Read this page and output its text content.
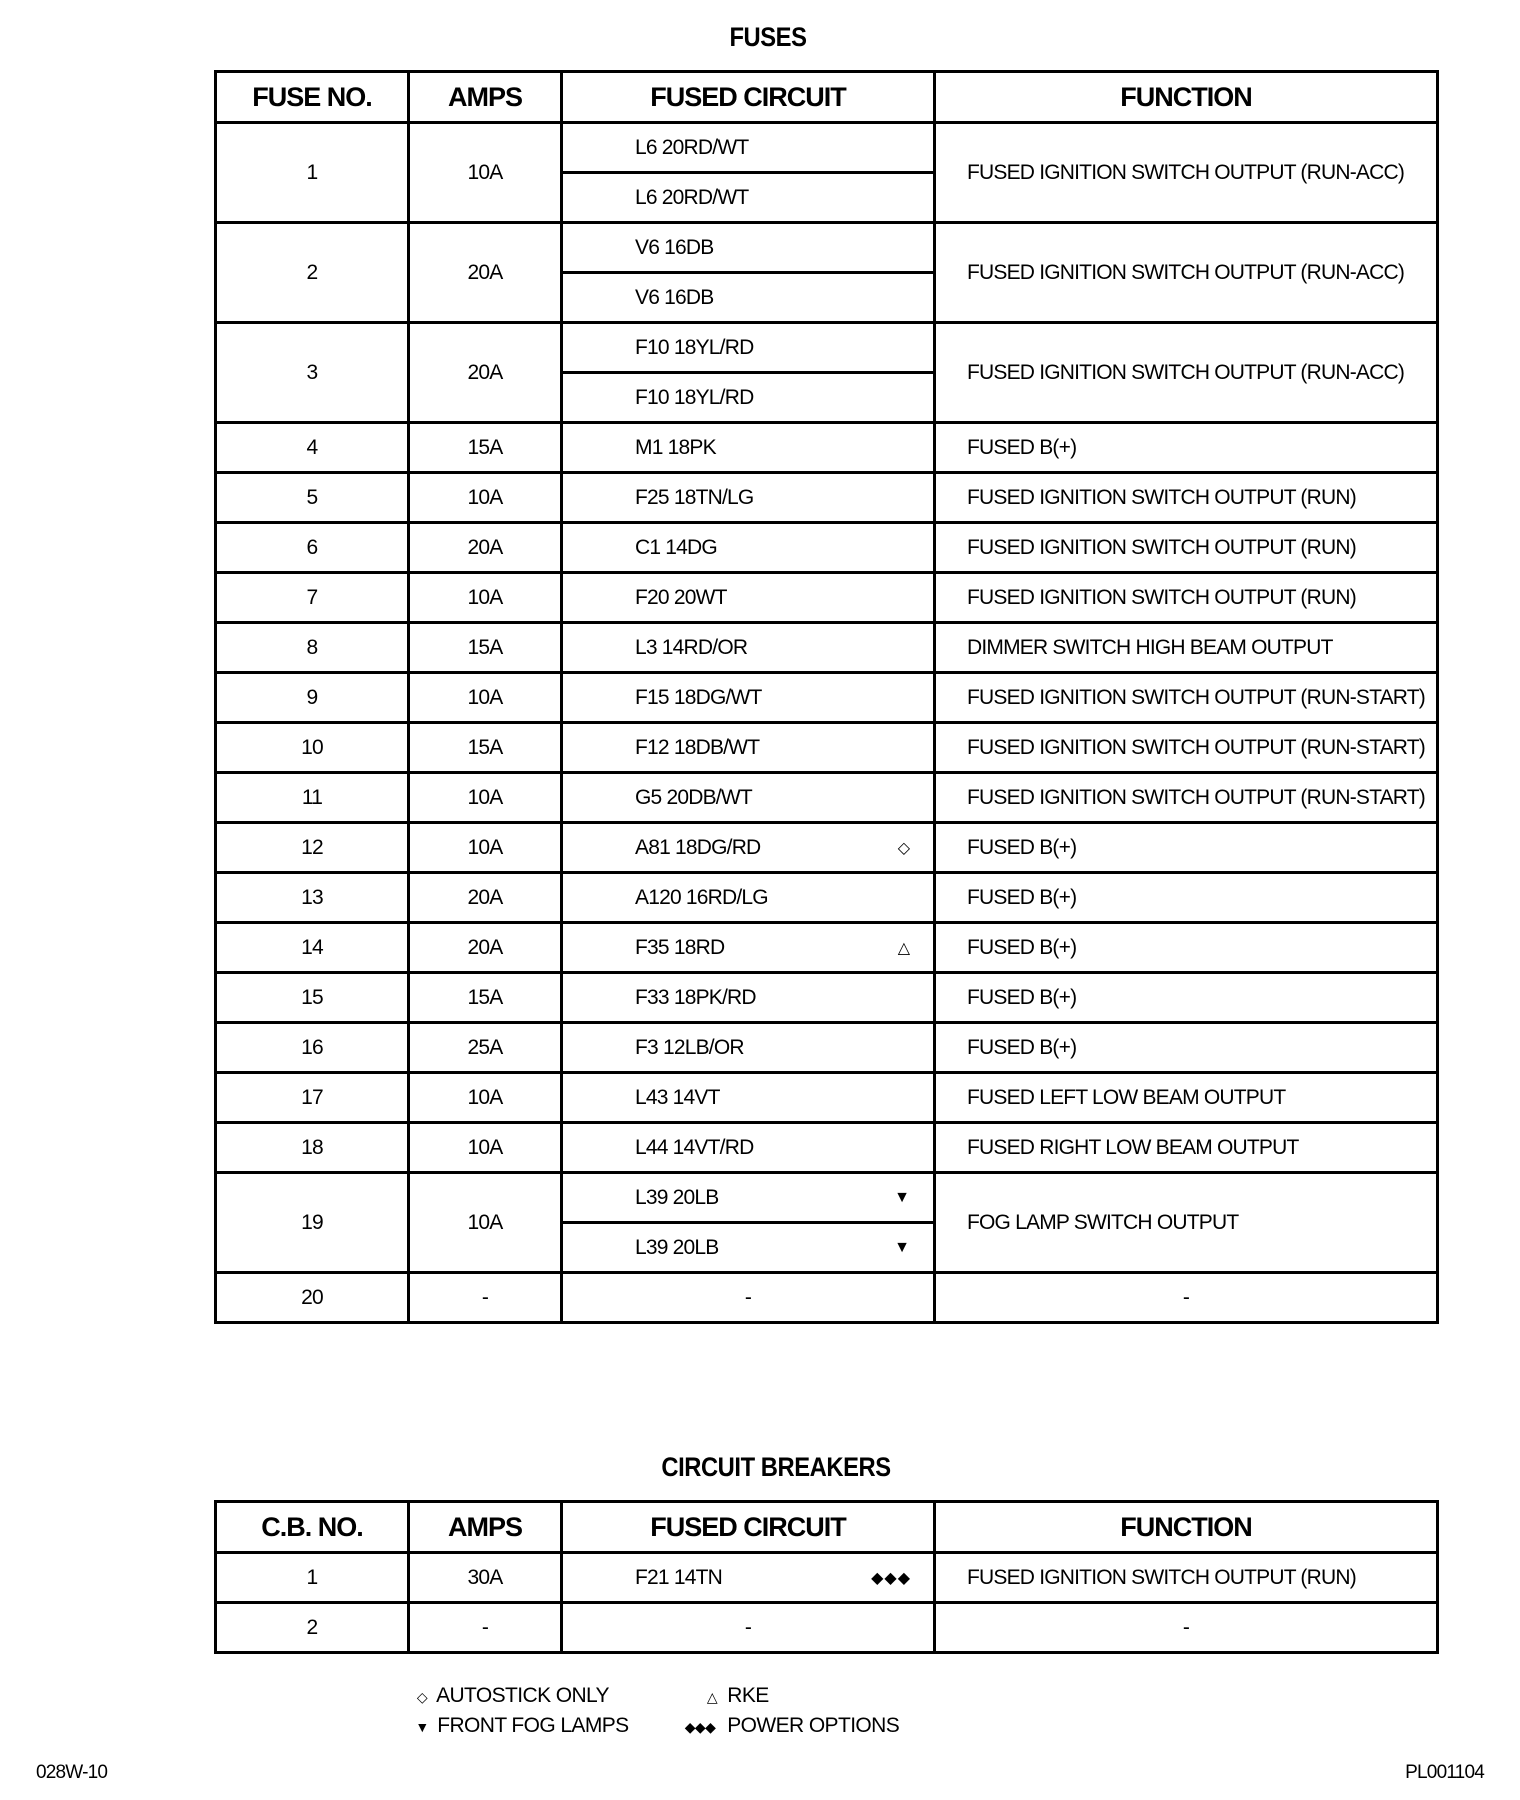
FUSES
FUSE NO.	AMPS	FUSED CIRCUIT	FUNCTION
1	10A	L6 20RD/WT	FUSED IGNITION SWITCH OUTPUT (RUN-ACC)
		L6 20RD/WT	
2	20A	V6 16DB	FUSED IGNITION SWITCH OUTPUT (RUN-ACC)
		V6 16DB	
3	20A	F10 18YL/RD	FUSED IGNITION SWITCH OUTPUT (RUN-ACC)
		F10 18YL/RD	
4	15A	M1 18PK	FUSED B(+)
5	10A	F25 18TN/LG	FUSED IGNITION SWITCH OUTPUT (RUN)
6	20A	C1 14DG	FUSED IGNITION SWITCH OUTPUT (RUN)
7	10A	F20 20WT	FUSED IGNITION SWITCH OUTPUT (RUN)
8	15A	L3 14RD/OR	DIMMER SWITCH HIGH BEAM OUTPUT
9	10A	F15 18DG/WT	FUSED IGNITION SWITCH OUTPUT (RUN-START)
10	15A	F12 18DB/WT	FUSED IGNITION SWITCH OUTPUT (RUN-START)
11	10A	G5 20DB/WT	FUSED IGNITION SWITCH OUTPUT (RUN-START)
12	10A	A81 18DG/RD ◇	FUSED B(+)
13	20A	A120 16RD/LG	FUSED B(+)
14	20A	F35 18RD △	FUSED B(+)
15	15A	F33 18PK/RD	FUSED B(+)
16	25A	F3 12LB/OR	FUSED B(+)
17	10A	L43 14VT	FUSED LEFT LOW BEAM OUTPUT
18	10A	L44 14VT/RD	FUSED RIGHT LOW BEAM OUTPUT
19	10A	L39 20LB ▼	FOG LAMP SWITCH OUTPUT
		L39 20LB ▼	

20	-	-	-
CIRCUIT BREAKERS
C.B. NO.	AMPS	FUSED CIRCUIT	FUNCTION
1	30A	F21 14TN ◆◆◆	FUSED IGNITION SWITCH OUTPUT (RUN)
2	-	-	-
◇ AUTOSTICK ONLY
▼ FRONT FOG LAMPS
△ RKE
◆◆◆ POWER OPTIONS
028W-10	PL001104
